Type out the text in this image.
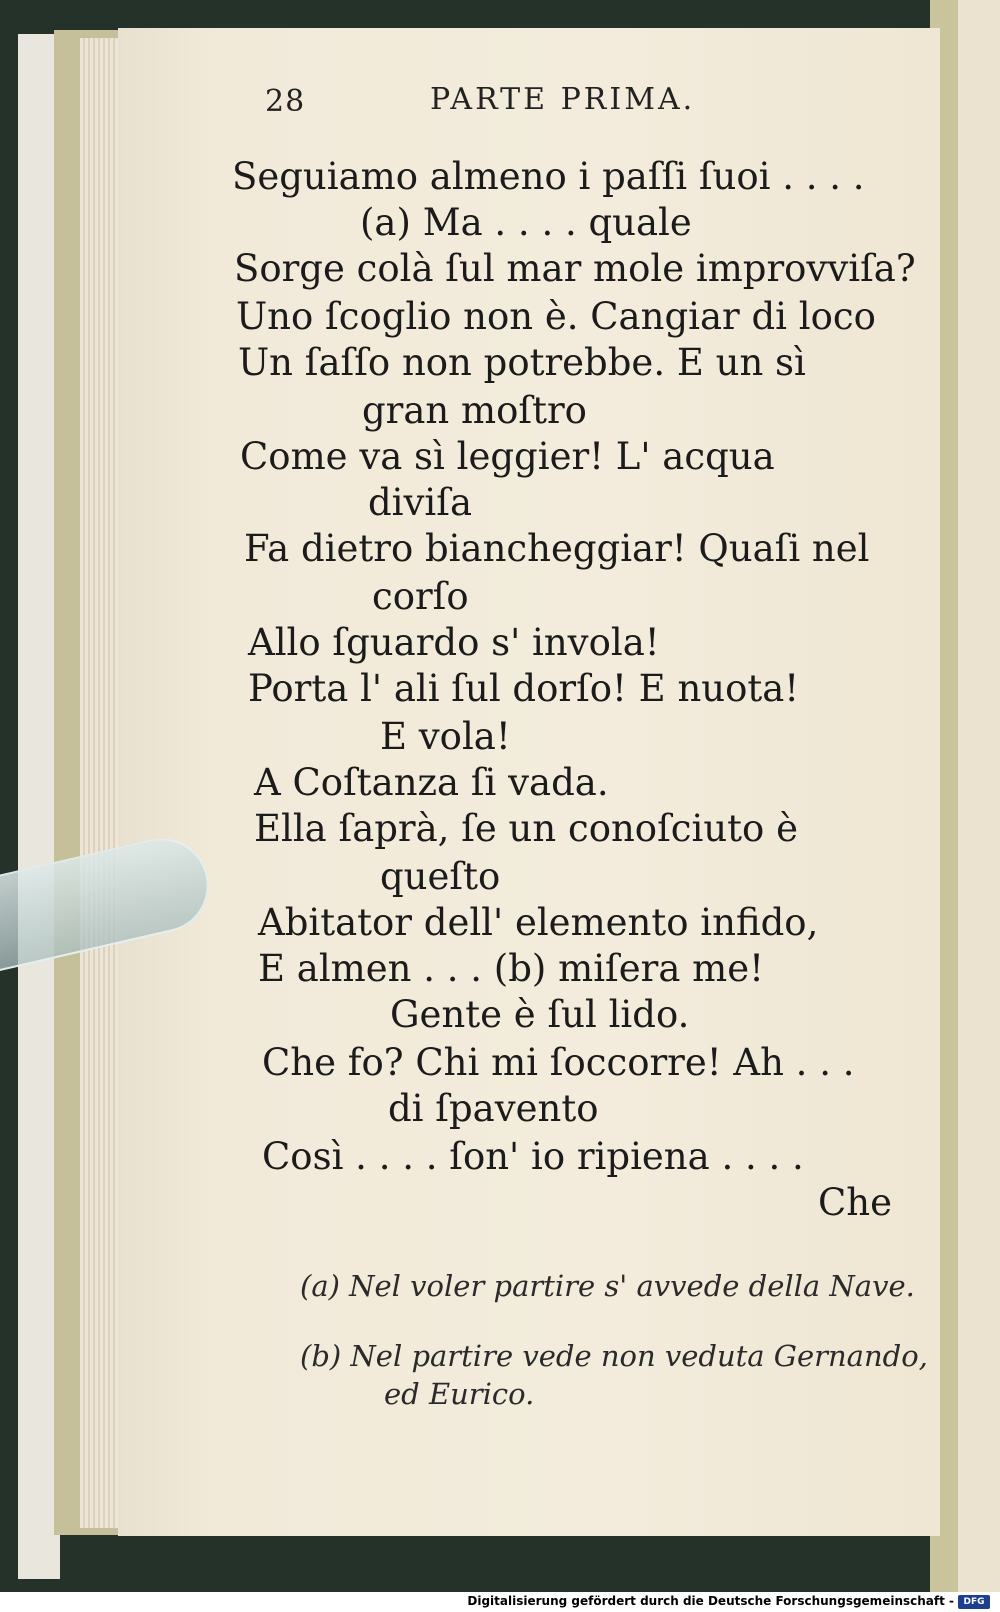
28	PARTE PRIMA.
Seguiamo almeno i paſſi ſuoi . . . .
(a) Ma . . . . quale
Sorge colà ſul mar mole improvviſa?
Uno ſcoglio non è. Cangiar di loco
Un ſaſſo non potrebbe. E un sì
gran moſtro
Come va sì leggier! L' acqua
diviſa
Fa dietro biancheggiar! Quaſi nel
corſo
Allo ſguardo s' invola!
Porta l' ali ſul dorſo! E nuota!
E vola!
A Coſtanza ſi vada.
Ella ſaprà, ſe un conoſciuto è
queſto
Abitator dell' elemento infido,
E almen . . . (b) miſera me!
Gente è ſul lido.
Che fo? Chi mi ſoccorre! Ah . . .
di ſpavento
Così . . . . ſon' io ripiena . . . .
Che
(a) Nel voler partire s' avvede della Nave.
(b) Nel partire vede non veduta Gernando,
ed Eurico.
Digitalisierung gefördert durch die Deutsche Forschungsgemeinschaft -	DFG
